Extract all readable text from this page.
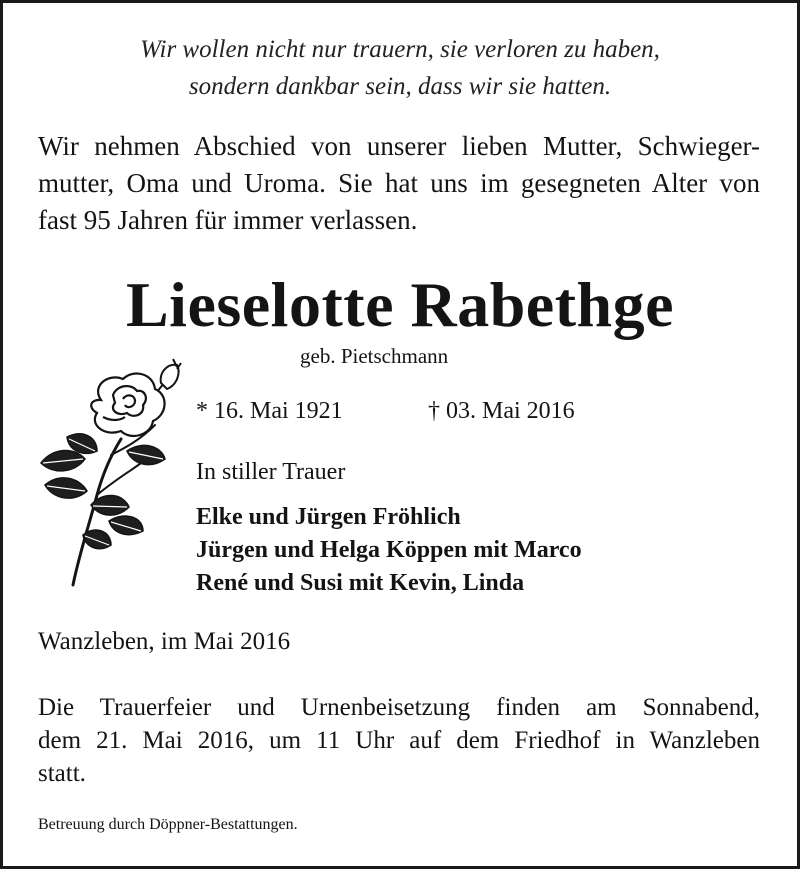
Wir wollen nicht nur trauern, sie verloren zu haben,
sondern dankbar sein, dass wir sie hatten.
Wir nehmen Abschied von unserer lieben Mutter, Schwieger-
mutter, Oma und Uroma. Sie hat uns im gesegneten Alter von
fast 95 Jahren für immer verlassen.
Lieselotte Rabethge
geb. Pietschmann
* 16. Mai 1921	† 03. Mai 2016
In stiller Trauer
Elke und Jürgen Fröhlich
Jürgen und Helga Köppen mit Marco
René und Susi mit Kevin, Linda
Wanzleben, im Mai 2016
Die Trauerfeier und Urnenbeisetzung finden am Sonnabend,
dem 21. Mai 2016, um 11 Uhr auf dem Friedhof in Wanzleben
statt.
Betreuung durch Döppner-Bestattungen.
